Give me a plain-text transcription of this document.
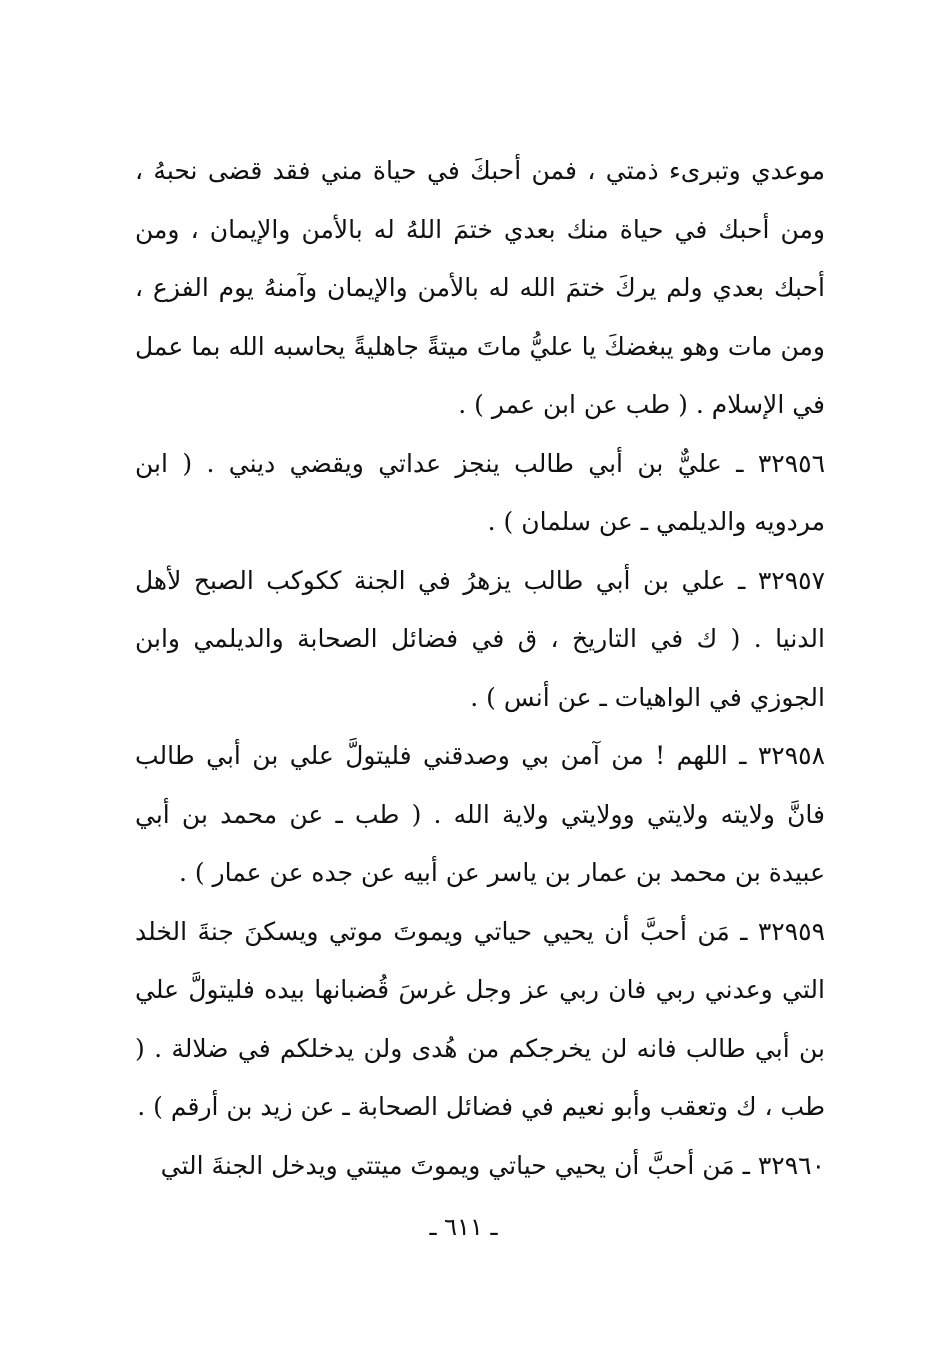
موعدي وتبرىء ذمتي ، فمن أحبكَ في حياة مني فقد قضى نحبهُ ، ومن أحبك في حياة منك بعدي ختمَ اللهُ له بالأمن والإيمان ، ومن أحبك بعدي ولم يركَ ختمَ الله له بالأمن والإيمان وآمنهُ يوم الفزع ، ومن مات وهو يبغضكَ يا عليُّ ماتَ ميتةً جاهليةً يحاسبه الله بما عمل في الإسلام . ( طب عن ابن عمر ) .

٣٢٩٥٦ ـ عليٌّ بن أبي طالب ينجز عداتي ويقضي ديني . ( ابن مردويه والديلمي ـ عن سلمان ) .

٣٢٩٥٧ ـ علي بن أبي طالب يزهرُ في الجنة ككوكب الصبح لأهل الدنيا . ( ك في التاريخ ، ق في فضائل الصحابة والديلمي وابن الجوزي في الواهيات ـ عن أنس ) .

٣٢٩٥٨ ـ اللهم ! من آمن بي وصدقني فليتولَّ علي بن أبي طالب فانَّ ولايته ولايتي وولايتي ولاية الله . ( طب ـ عن محمد بن أبي عبيدة بن محمد بن عمار بن ياسر عن أبيه عن جده عن عمار ) .

٣٢٩٥٩ ـ مَن أحبَّ أن يحيي حياتي ويموتَ موتي ويسكنَ جنةَ الخلد التي وعدني ربي فان ربي عز وجل غرسَ قُضبانها بيده فليتولَّ علي بن أبي طالب فانه لن يخرجكم من هُدى ولن يدخلكم في ضلالة . ( طب ، ك وتعقب وأبو نعيم في فضائل الصحابة ـ عن زيد بن أرقم ) .

٣٢٩٦٠ ـ مَن أحبَّ أن يحيي حياتي ويموتَ ميتتي ويدخل الجنةَ التي

ـ ٦١١ ـ
